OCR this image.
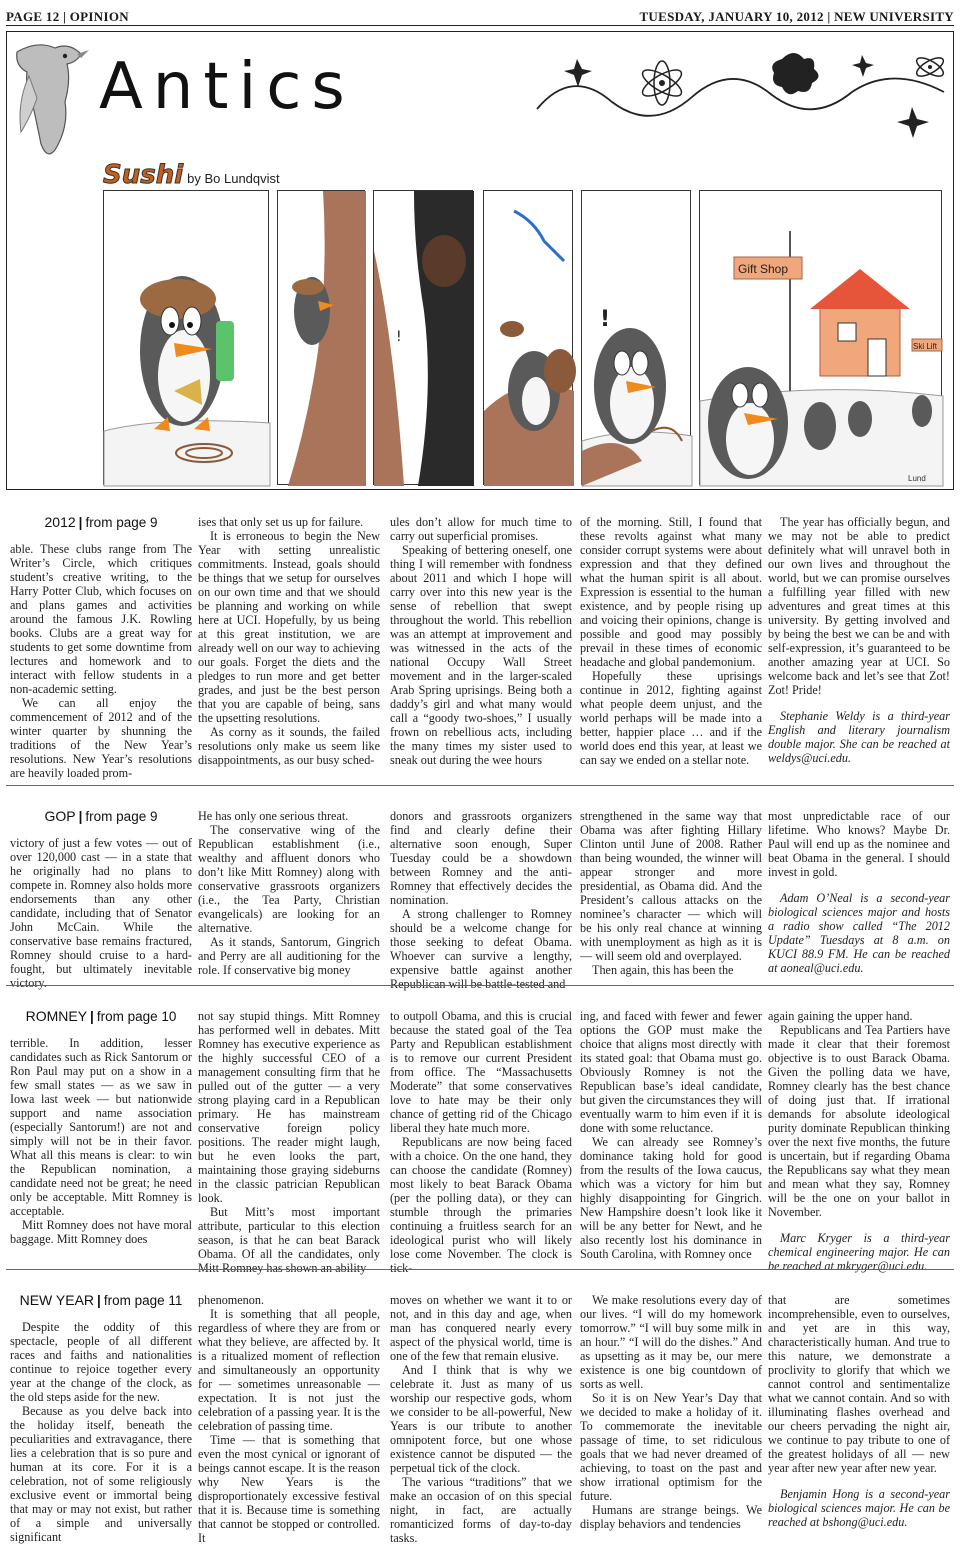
PAGE 12 | OPINION	TUESDAY, JANUARY 10, 2012 | NEW UNIVERSITY
Antics
Sushi by Bo Lundqvist
!
!
Gift Shop
Ski Lift
Lund
2012 | from page 9

able. These clubs range from The Writer’s Circle, which critiques student’s creative writing, to the Harry Potter Club, which focuses on and plans games and activities around the famous J.K. Rowling books. Clubs are a great way for students to get some downtime from lectures and homework and to interact with fellow students in a non-academic setting.

We can all enjoy the commencement of 2012 and of the winter quarter by shunning the traditions of the New Year’s resolutions. New Year’s resolutions are heavily loaded prom-

ises that only set us up for failure.

It is erroneous to begin the New Year with setting unrealistic commitments. Instead, goals should be things that we setup for ourselves on our own time and that we should be planning and working on while here at UCI. Hopefully, by us being at this great institution, we are already well on our way to achieving our goals. Forget the diets and the pledges to run more and get better grades, and just be the best person that you are capable of being, sans the upsetting resolutions.

As corny as it sounds, the failed resolutions only make us seem like disappointments, as our busy sched-

ules don’t allow for much time to carry out superficial promises.

Speaking of bettering oneself, one thing I will remember with fondness about 2011 and which I hope will carry over into this new year is the sense of rebellion that swept throughout the world. This rebellion was an attempt at improvement and was witnessed in the acts of the national Occupy Wall Street movement and in the larger-scaled Arab Spring uprisings. Being both a daddy’s girl and what many would call a “goody two-shoes,” I usually frown on rebellious acts, including the many times my sister used to sneak out during the wee hours

of the morning. Still, I found that these revolts against what many consider corrupt systems were about expression and that they defined what the human spirit is all about. Expression is essential to the human existence, and by people rising up and voicing their opinions, change is possible and good may possibly prevail in these times of economic headache and global pandemonium.

Hopefully these uprisings continue in 2012, fighting against what people deem unjust, and the world perhaps will be made into a better, happier place … and if the world does end this year, at least we can say we ended on a stellar note.

The year has officially begun, and we may not be able to predict definitely what will unravel both in our own lives and throughout the world, but we can promise ourselves a fulfilling year filled with new adventures and great times at this university. By getting involved and by being the best we can be and with self-expression, it’s guaranteed to be another amazing year at UCI. So welcome back and let’s see that Zot! Zot! Pride!

Stephanie Weldy is a third-year English and literary journalism double major. She can be reached at weldys@uci.edu.

GOP | from page 9

victory of just a few votes — out of over 120,000 cast — in a state that he originally had no plans to compete in. Romney also holds more endorsements than any other candidate, including that of Senator John McCain. While the conservative base remains fractured, Romney should cruise to a hard-fought, but ultimately inevitable victory.

He has only one serious threat.

The conservative wing of the Republican establishment (i.e., wealthy and affluent donors who don’t like Mitt Romney) along with conservative grassroots organizers (i.e., the Tea Party, Christian evangelicals) are looking for an alternative.

As it stands, Santorum, Gingrich and Perry are all auditioning for the role. If conservative big money

donors and grassroots organizers find and clearly define their alternative soon enough, Super Tuesday could be a showdown between Romney and the anti-Romney that effectively decides the nomination.

A strong challenger to Romney should be a welcome change for those seeking to defeat Obama. Whoever can survive a lengthy, expensive battle against another Republican will be battle-tested and

strengthened in the same way that Obama was after fighting Hillary Clinton until June of 2008. Rather than being wounded, the winner will appear stronger and more presidential, as Obama did. And the President’s callous attacks on the nominee’s character — which will be his only real chance at winning with unemployment as high as it is — will seem old and overplayed.

Then again, this has been the

most unpredictable race of our lifetime. Who knows? Maybe Dr. Paul will end up as the nominee and beat Obama in the general. I should invest in gold.

Adam O’Neal is a second-year biological sciences major and hosts a radio show called “The 2012 Update” Tuesdays at 8 a.m. on KUCI 88.9 FM. He can be reached at aoneal@uci.edu.

ROMNEY | from page 10

terrible. In addition, lesser candidates such as Rick Santorum or Ron Paul may put on a show in a few small states — as we saw in Iowa last week — but nationwide support and name association (especially Santorum!) are not and simply will not be in their favor. What all this means is clear: to win the Republican nomination, a candidate need not be great; he need only be acceptable. Mitt Romney is acceptable.

Mitt Romney does not have moral baggage. Mitt Romney does

not say stupid things. Mitt Romney has performed well in debates. Mitt Romney has executive experience as the highly successful CEO of a management consulting firm that he pulled out of the gutter — a very strong playing card in a Republican primary. He has mainstream conservative foreign policy positions. The reader might laugh, but he even looks the part, maintaining those graying sideburns in the classic patrician Republican look.

But Mitt’s most important attribute, particular to this election season, is that he can beat Barack Obama. Of all the candidates, only Mitt Romney has shown an ability

to outpoll Obama, and this is crucial because the stated goal of the Tea Party and Republican establishment is to remove our current President from office. The “Massachusetts Moderate” that some conservatives love to hate may be their only chance of getting rid of the Chicago liberal they hate much more.

Republicans are now being faced with a choice. On the one hand, they can choose the candidate (Romney) most likely to beat Barack Obama (per the polling data), or they can stumble through the primaries continuing a fruitless search for an ideological purist who will likely lose come November. The clock is tick-

ing, and faced with fewer and fewer options the GOP must make the choice that aligns most directly with its stated goal: that Obama must go. Obviously Romney is not the Republican base’s ideal candidate, but given the circumstances they will eventually warm to him even if it is done with some reluctance.

We can already see Romney’s dominance taking hold for good from the results of the Iowa caucus, which was a victory for him but highly disappointing for Gingrich. New Hampshire doesn’t look like it will be any better for Newt, and he also recently lost his dominance in South Carolina, with Romney once

again gaining the upper hand.

Republicans and Tea Partiers have made it clear that their foremost objective is to oust Barack Obama. Given the polling data we have, Romney clearly has the best chance of doing just that. If irrational demands for absolute ideological purity dominate Republican thinking over the next five months, the future is uncertain, but if regarding Obama the Republicans say what they mean and mean what they say, Romney will be the one on your ballot in November.

Marc Kryger is a third-year chemical engineering major. He can be reached at mkryger@uci.edu.

NEW YEAR | from page 11

Despite the oddity of this spectacle, people of all different races and faiths and nationalities continue to rejoice together every year at the change of the clock, as the old steps aside for the new.

Because as you delve back into the holiday itself, beneath the peculiarities and extravagance, there lies a celebration that is so pure and human at its core. For it is a celebration, not of some religiously exclusive event or immortal being that may or may not exist, but rather of a simple and universally significant

phenomenon.

It is something that all people, regardless of where they are from or what they believe, are affected by. It is a ritualized moment of reflection and simultaneously an opportunity for — sometimes unreasonable — expectation. It is not just the celebration of a passing year. It is the celebration of passing time.

Time — that is something that even the most cynical or ignorant of beings cannot escape. It is the reason why New Years is the disproportionately excessive festival that it is. Because time is something that cannot be stopped or controlled. It

moves on whether we want it to or not, and in this day and age, when man has conquered nearly every aspect of the physical world, time is one of the few that remain elusive.

And I think that is why we celebrate it. Just as many of us worship our respective gods, whom we consider to be all-powerful, New Years is our tribute to another omnipotent force, but one whose existence cannot be disputed — the perpetual tick of the clock.

The various “traditions” that we make an occasion of on this special night, in fact, are actually romanticized forms of day-to-day tasks.

We make resolutions every day of our lives. “I will do my homework tomorrow.” “I will buy some milk in an hour.” “I will do the dishes.” And as upsetting as it may be, our mere existence is one big countdown of sorts as well.

So it is on New Year’s Day that we decided to make a holiday of it. To commemorate the inevitable passage of time, to set ridiculous goals that we had never dreamed of achieving, to toast on the past and show irrational optimism for the future.

Humans are strange beings. We display behaviors and tendencies

that are sometimes incomprehensible, even to ourselves, and yet are in this way, characteristically human. And true to this nature, we demonstrate a proclivity to glorify that which we cannot control and sentimentalize what we cannot contain. And so with illuminating flashes overhead and our cheers pervading the night air, we continue to pay tribute to one of the greatest holidays of all — new year after new year after new year.

Benjamin Hong is a second-year biological sciences major. He can be reached at bshong@uci.edu.
